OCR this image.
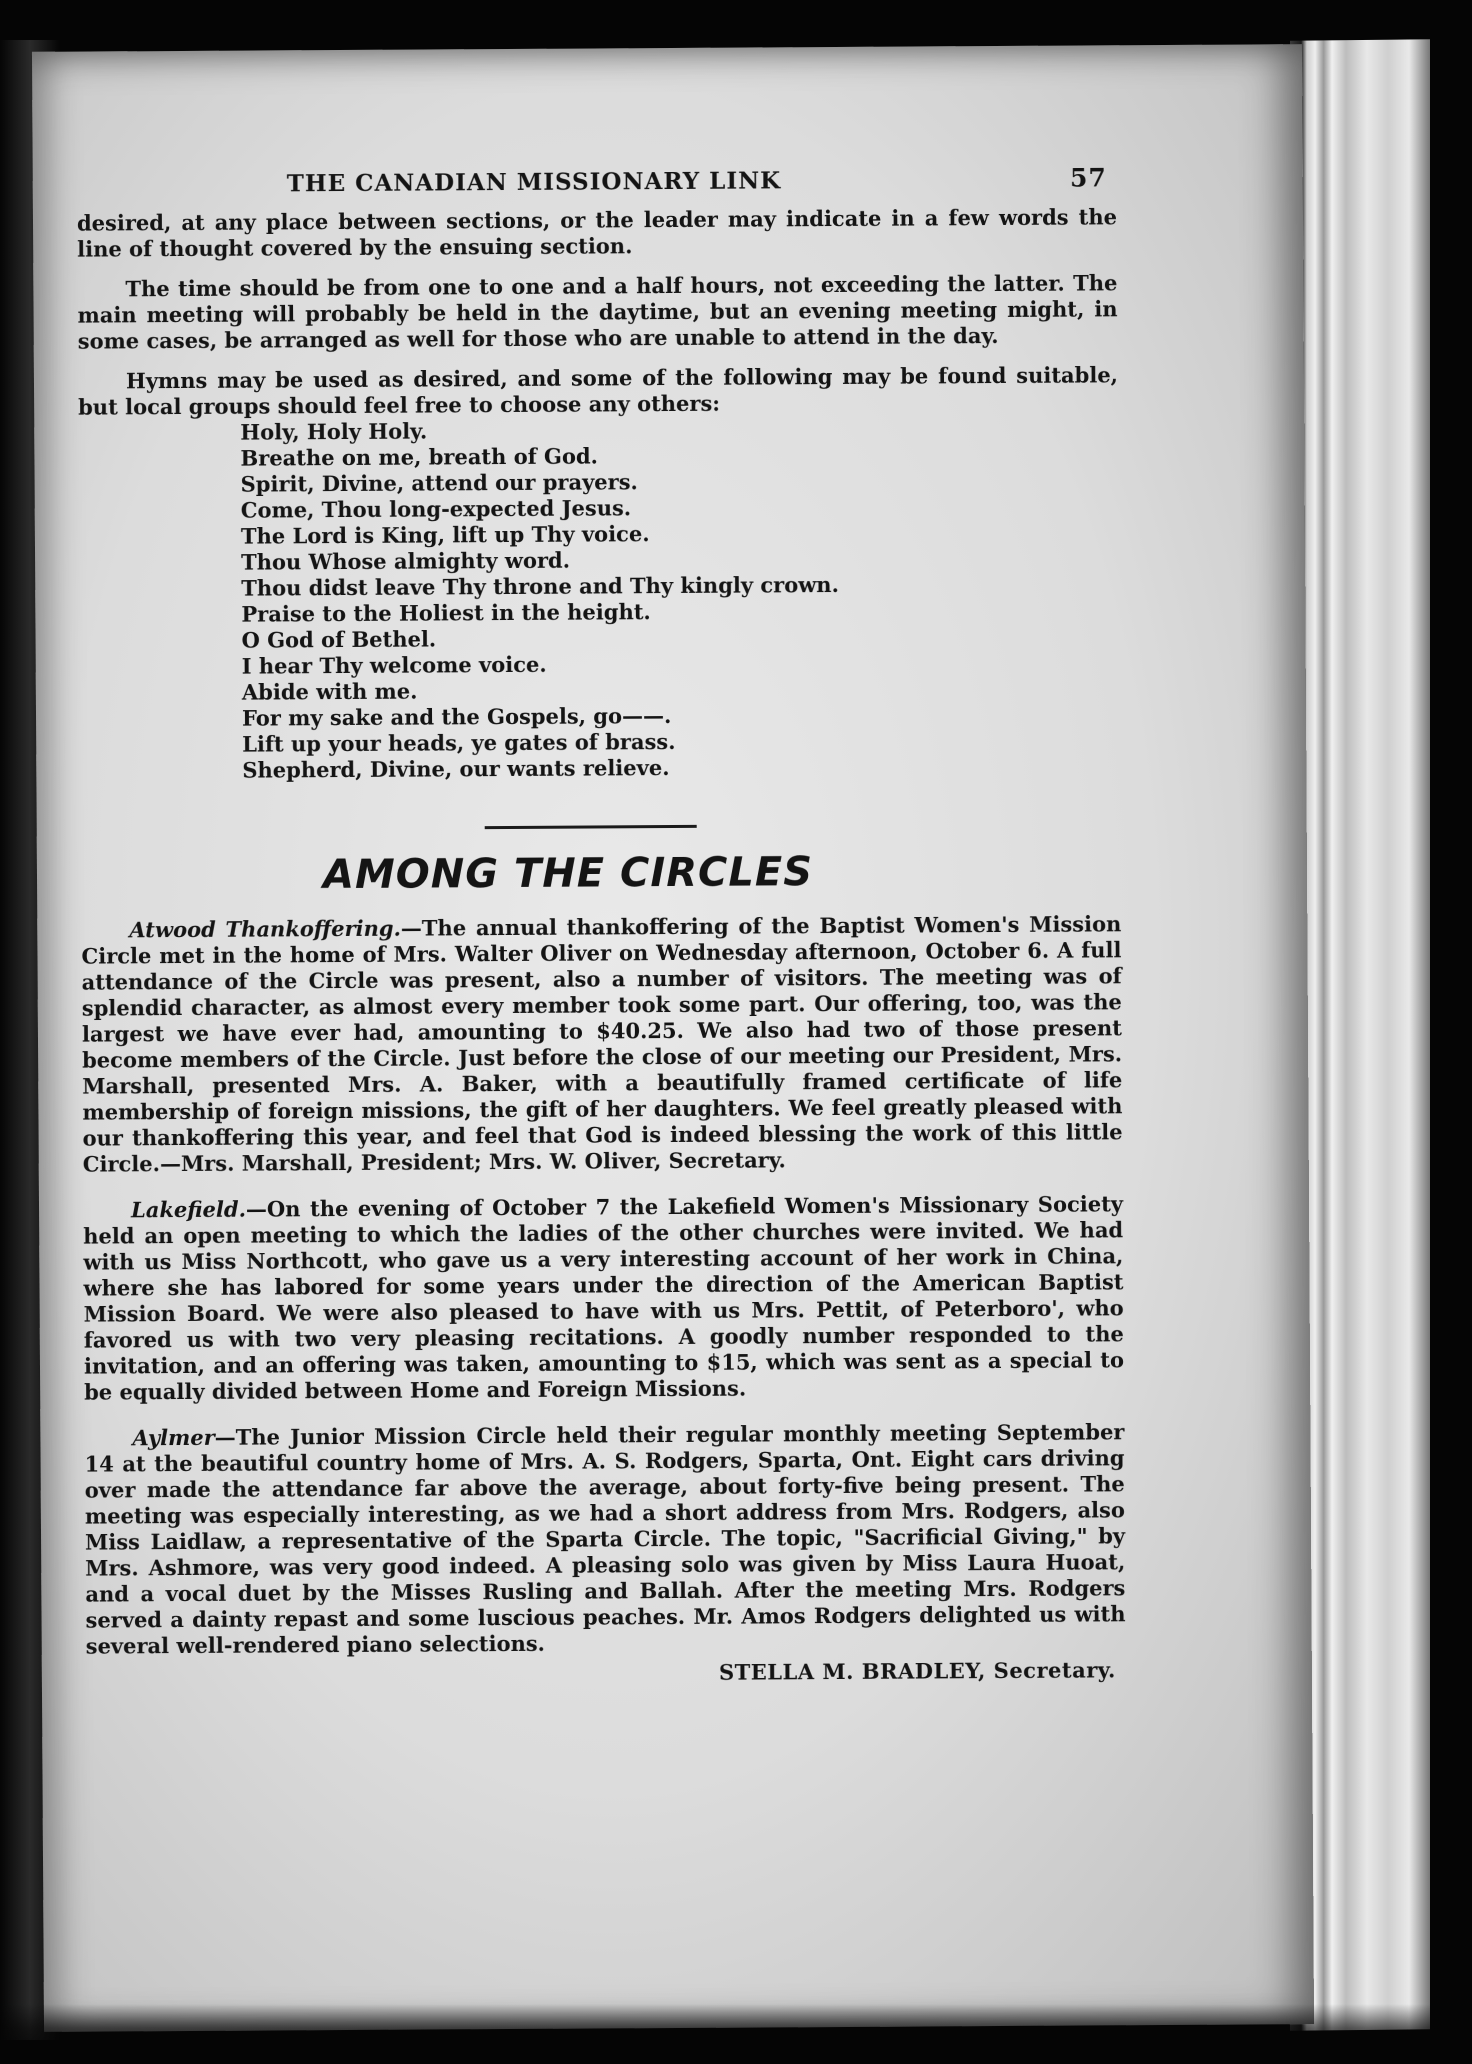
THE CANADIAN MISSIONARY LINK	57

desired, at any place between sections, or the leader may indicate in a few words the line of thought covered by the ensuing section.

The time should be from one to one and a half hours, not exceeding the latter. The main meeting will probably be held in the daytime, but an evening meeting might, in some cases, be arranged as well for those who are unable to attend in the day.

Hymns may be used as desired, and some of the following may be found suitable, but local groups should feel free to choose any others:

Holy, Holy Holy.
Breathe on me, breath of God.
Spirit, Divine, attend our prayers.
Come, Thou long-expected Jesus.
The Lord is King, lift up Thy voice.
Thou Whose almighty word.
Thou didst leave Thy throne and Thy kingly crown.
Praise to the Holiest in the height.
O God of Bethel.
I hear Thy welcome voice.
Abide with me.
For my sake and the Gospels, go——.
Lift up your heads, ye gates of brass.
Shepherd, Divine, our wants relieve.
AMONG THE CIRCLES

Atwood Thankoffering.—The annual thankoffering of the Baptist Women's Mission Circle met in the home of Mrs. Walter Oliver on Wednesday afternoon, October 6. A full attendance of the Circle was present, also a number of visitors. The meeting was of splendid character, as almost every member took some part. Our offering, too, was the largest we have ever had, amounting to $40.25. We also had two of those present become members of the Circle. Just before the close of our meeting our President, Mrs. Marshall, presented Mrs. A. Baker, with a beautifully framed certificate of life membership of foreign missions, the gift of her daughters. We feel greatly pleased with our thankoffering this year, and feel that God is indeed blessing the work of this little Circle.—Mrs. Marshall, President; Mrs. W. Oliver, Secretary.

Lakefield.—On the evening of October 7 the Lakefield Women's Missionary Society held an open meeting to which the ladies of the other churches were invited. We had with us Miss Northcott, who gave us a very interesting account of her work in China, where she has labored for some years under the direction of the American Baptist Mission Board. We were also pleased to have with us Mrs. Pettit, of Peterboro', who favored us with two very pleasing recitations. A goodly number responded to the invitation, and an offering was taken, amounting to $15, which was sent as a special to be equally divided between Home and Foreign Missions.

Aylmer—The Junior Mission Circle held their regular monthly meeting September 14 at the beautiful country home of Mrs. A. S. Rodgers, Sparta, Ont. Eight cars driving over made the attendance far above the average, about forty-five being present. The meeting was especially interesting, as we had a short address from Mrs. Rodgers, also Miss Laidlaw, a representative of the Sparta Circle. The topic, "Sacrificial Giving," by Mrs. Ashmore, was very good indeed. A pleasing solo was given by Miss Laura Huoat, and a vocal duet by the Misses Rusling and Ballah. After the meeting Mrs. Rodgers served a dainty repast and some luscious peaches. Mr. Amos Rodgers delighted us with several well-rendered piano selections.

STELLA M. BRADLEY, Secretary.
